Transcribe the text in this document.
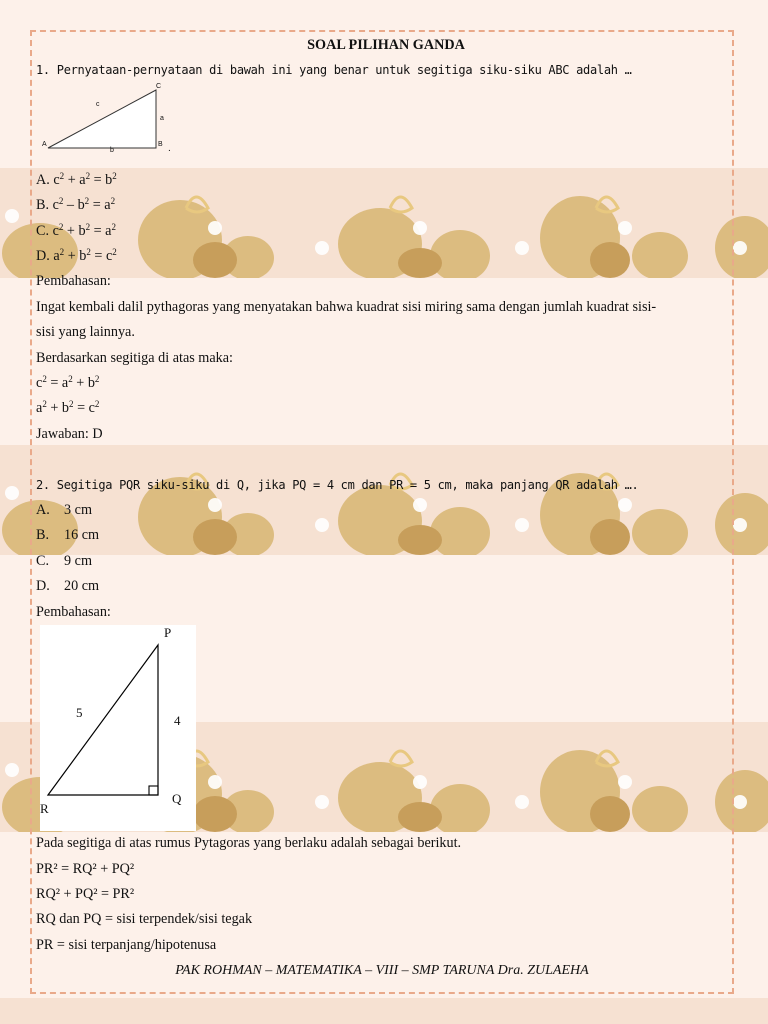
SOAL PILIHAN GANDA

1. Pernyataan-pernyataan di bawah ini yang benar untuk segitiga siku-siku ABC adalah …

A	B
C
a
b
c
.

A. $c^2 + a^2 = b^2$

B. $c^2 - b^2 = a^2$

C. $c^2 + b^2 = a^2$

D. $a^2 + b^2 = c^2$

Pembahasan:

Ingat kembali dalil pythagoras yang menyatakan bahwa kuadrat sisi miring sama dengan jumlah kuadrat sisi-

sisi yang lainnya.

Berdasarkan segitiga di atas maka:

$c^2 = a^2 + b^2$

$a^2 + b^2 = c^2$

Jawaban: D

2. Segitiga PQR siku-siku di Q, jika PQ = 4 cm dan PR = 5 cm, maka panjang QR adalah ….

A. 3 cm

B. 16 cm

C. 9 cm

D. 20 cm

Pembahasan:

P
Q
R
5
4

Pada segitiga di atas rumus Pytagoras yang berlaku adalah sebagai berikut.

PR² = RQ² + PQ²

RQ² + PQ² = PR²

RQ dan PQ = sisi terpendek/sisi tegak

PR = sisi terpanjang/hipotenusa

PAK ROHMAN – MATEMATIKA – VIII – SMP TARUNA Dra. ZULAEHA
